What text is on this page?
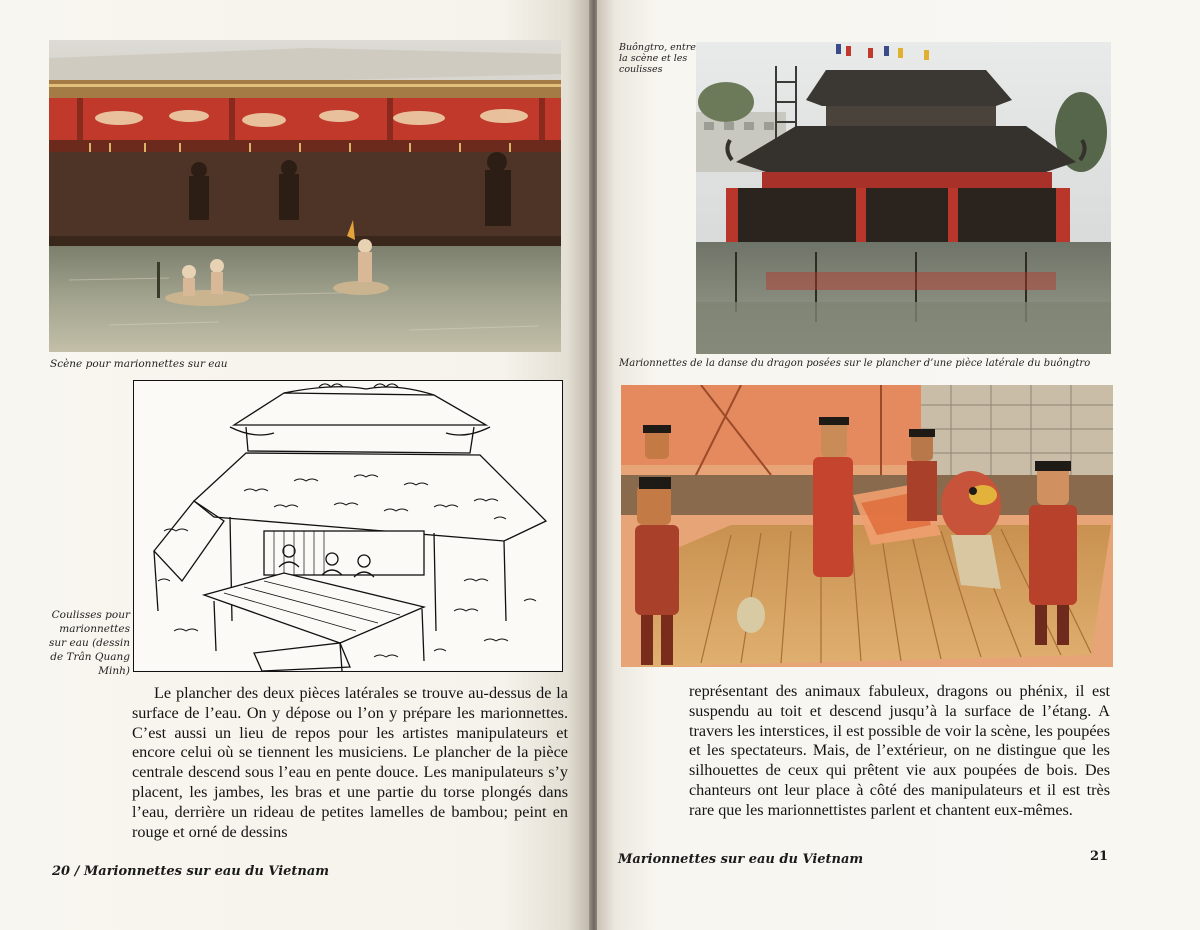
Scène pour marionnettes sur eau
Coulisses pour
marionnettes
sur eau (dessin
de Trân Quang
Minh)

Le plancher des deux pièces latérales se trouve au-dessus de la surface de l’eau. On y dépose ou l’on y prépare les marionnettes. C’est aussi un lieu de repos pour les artistes manipulateurs et encore celui où se tiennent les musiciens. Le plancher de la pièce centrale descend sous l’eau en pente douce. Les manipulateurs s’y placent, les jambes, les bras et une partie du torse plongés dans l’eau, derrière un rideau de petites lamelles de bambou; peint en rouge et orné de dessins

20 / Marionnettes sur eau du Vietnam
Buôngtro, entre
la scène et les
coulisses
Marionnettes de la danse du dragon posées sur le plancher d’une pièce latérale du buôngtro

représentant des animaux fabuleux, dragons ou phénix, il est suspendu au toit et descend jusqu’à la surface de l’étang. A travers les interstices, il est possible de voir la scène, les poupées et les spectateurs. Mais, de l’extérieur, on ne distingue que les silhouettes de ceux qui prêtent vie aux poupées de bois. Des chanteurs ont leur place à côté des manipulateurs et il est très rare que les marionnettistes parlent et chantent eux-mêmes.

Marionnettes sur eau du Vietnam	21
